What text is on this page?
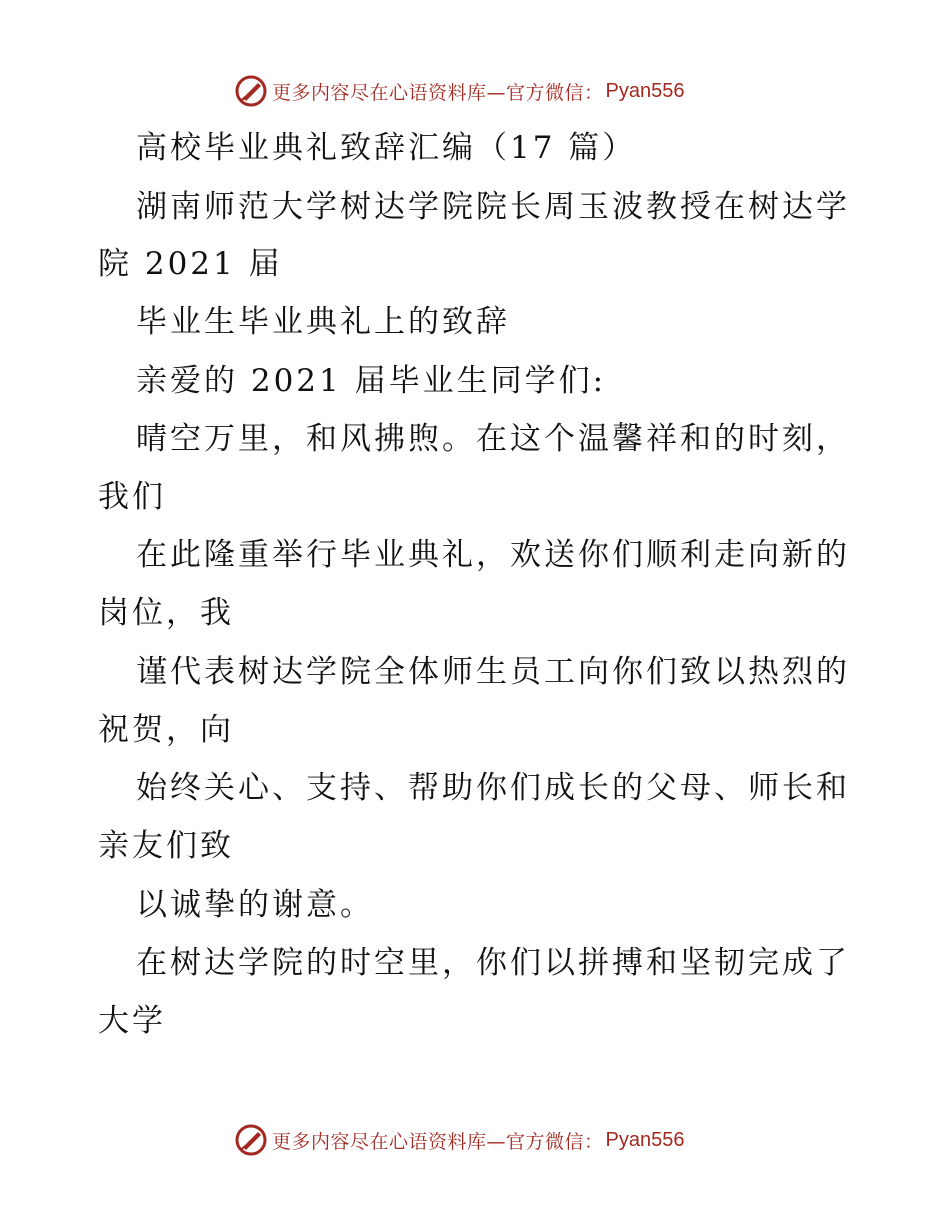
更多内容尽在心语资料库—官方微信： Pyan556
高校毕业典礼致辞汇编（17 篇）
湖南师范大学树达学院院长周玉波教授在树达学
院 2021 届
毕业生毕业典礼上的致辞
亲爱的 2021 届毕业生同学们:
晴空万里，和风拂煦。在这个温馨祥和的时刻，
我们
在此隆重举行毕业典礼，欢送你们顺利走向新的
岗位，我
谨代表树达学院全体师生员工向你们致以热烈的
祝贺，向
始终关心、支持、帮助你们成长的父母、师长和
亲友们致
以诚挚的谢意。
在树达学院的时空里，你们以拼搏和坚韧完成了
大学
更多内容尽在心语资料库—官方微信： Pyan556
